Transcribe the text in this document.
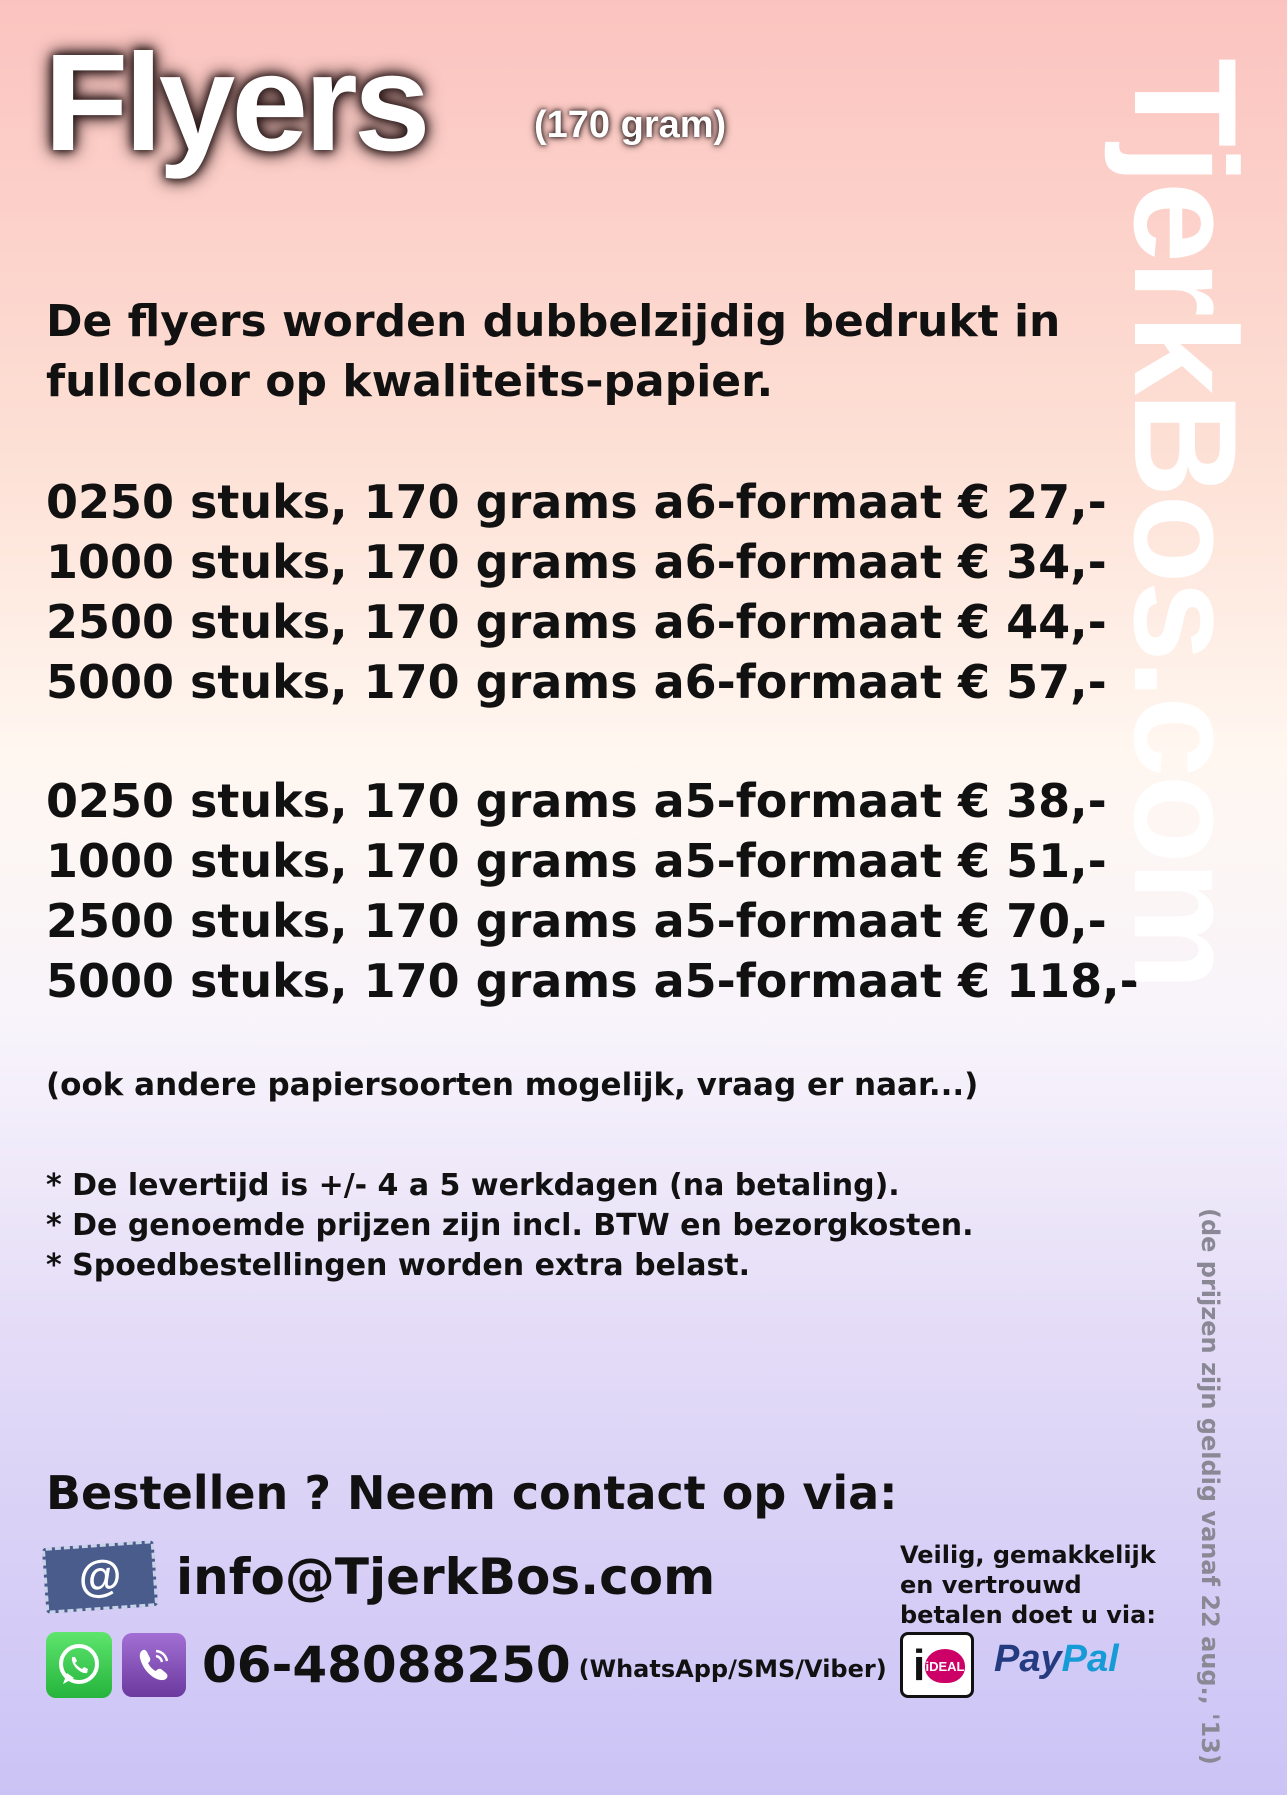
Flyers	(170 gram)
De flyers worden dubbelzijdig bedrukt in fullcolor op kwaliteits-papier.
0250 stuks, 170 grams a6-formaat € 27,-
1000 stuks, 170 grams a6-formaat € 34,-
2500 stuks, 170 grams a6-formaat € 44,-
5000 stuks, 170 grams a6-formaat € 57,-
0250 stuks, 170 grams a5-formaat € 38,-
1000 stuks, 170 grams a5-formaat € 51,-
2500 stuks, 170 grams a5-formaat € 70,-
5000 stuks, 170 grams a5-formaat € 118,-
(ook andere papiersoorten mogelijk, vraag er naar...)
* De levertijd is +/- 4 a 5 werkdagen (na betaling).
* De genoemde prijzen zijn incl. BTW en bezorgkosten.
* Spoedbestellingen worden extra belast.
Bestellen ? Neem contact op via:
@ info@TjerkBos.com
06-48088250 (WhatsApp/SMS/Viber)
Veilig, gemakkelijk en vertrouwd betalen doet u via:
i iDEAL PayPal
TjerkBos.com
(de prijzen zijn geldig vanaf 22 aug., '13)
